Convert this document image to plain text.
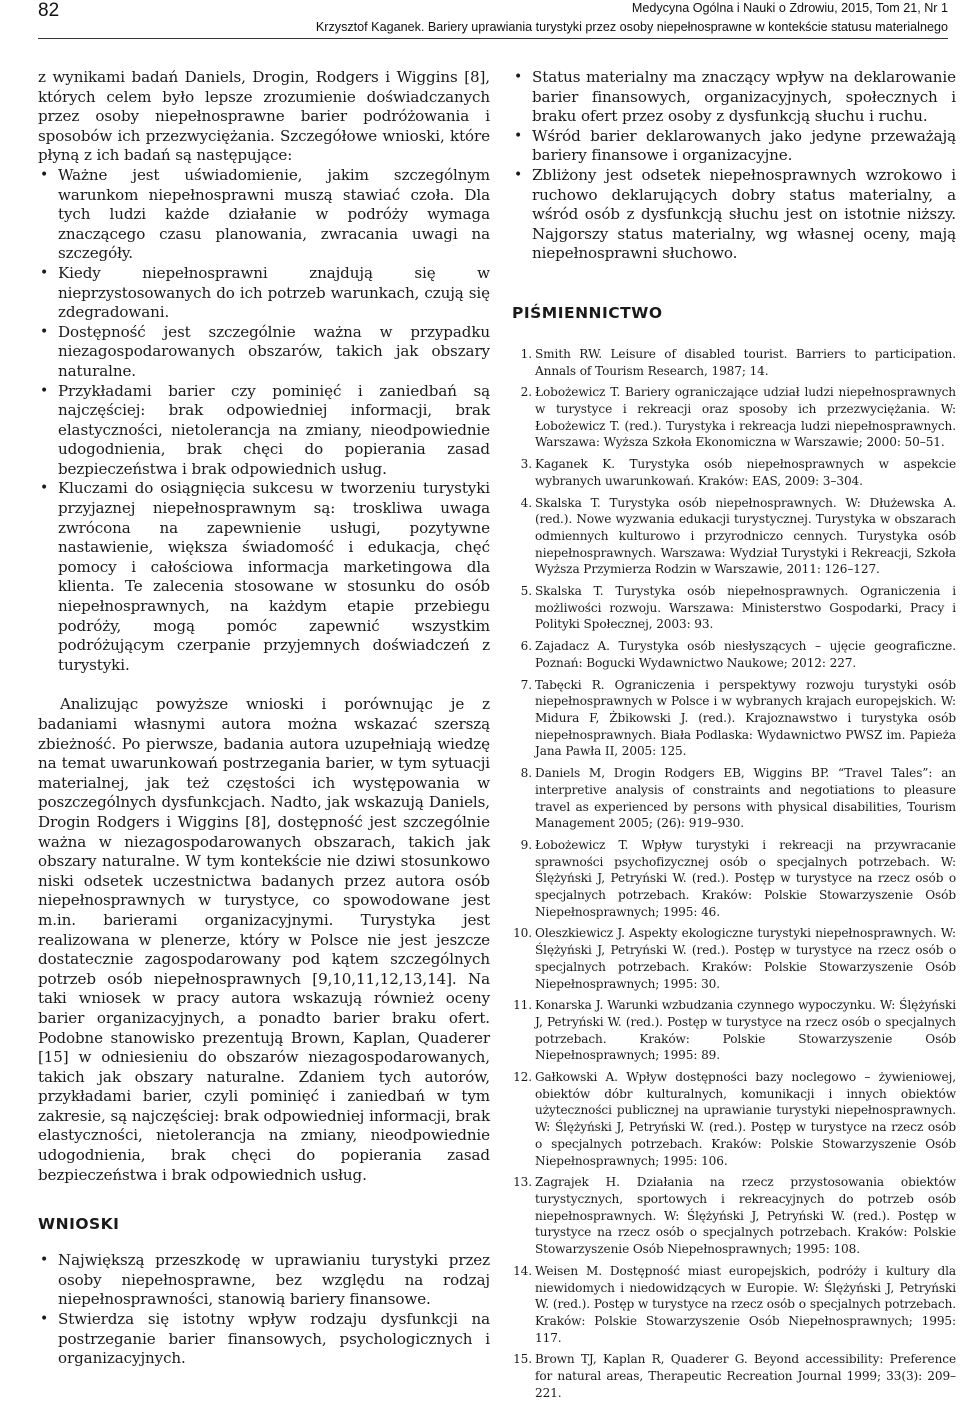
82	Medycyna Ogólna i Nauki o Zdrowiu, 2015, Tom 21, Nr 1
Krzysztof Kaganek. Bariery uprawiania turystyki przez osoby niepełnosprawne w kontekście statusu materialnego

z wynikami badań Daniels, Drogin, Rodgers i Wiggins [8], których celem było lepsze zrozumienie doświadczanych przez osoby niepełnosprawne barier podróżowania i sposobów ich przezwyciężania. Szczegółowe wnioski, które płyną z ich badań są następujące:

• Ważne jest uświadomienie, jakim szczególnym warunkom niepełnosprawni muszą stawiać czoła. Dla tych ludzi każde działanie w podróży wymaga znaczącego czasu planowania, zwracania uwagi na szczegóły.
• Kiedy niepełnosprawni znajdują się w nieprzystosowanych do ich potrzeb warunkach, czują się zdegradowani.
• Dostępność jest szczególnie ważna w przypadku niezagospodarowanych obszarów, takich jak obszary naturalne.
• Przykładami barier czy pominięć i zaniedbań są najczęściej: brak odpowiedniej informacji, brak elastyczności, nietolerancja na zmiany, nieodpowiednie udogodnienia, brak chęci do popierania zasad bezpieczeństwa i brak odpowiednich usług.
• Kluczami do osiągnięcia sukcesu w tworzeniu turystyki przyjaznej niepełnosprawnym są: troskliwa uwaga zwrócona na zapewnienie usługi, pozytywne nastawienie, większa świadomość i edukacja, chęć pomocy i całościowa informacja marketingowa dla klienta. Te zalecenia stosowane w stosunku do osób niepełnosprawnych, na każdym etapie przebiegu podróży, mogą pomóc zapewnić wszystkim podróżującym czerpanie przyjemnych doświadczeń z turystyki.

Analizując powyższe wnioski i porównując je z badaniami własnymi autora można wskazać szerszą zbieżność. Po pierwsze, badania autora uzupełniają wiedzę na temat uwarunkowań postrzegania barier, w tym sytuacji materialnej, jak też częstości ich występowania w poszczególnych dysfunkcjach. Nadto, jak wskazują Daniels, Drogin Rodgers i Wiggins [8], dostępność jest szczególnie ważna w niezagospodarowanych obszarach, takich jak obszary naturalne. W tym kontekście nie dziwi stosunkowo niski odsetek uczestnictwa badanych przez autora osób niepełnosprawnych w turystyce, co spowodowane jest m.in. barierami organizacyjnymi. Turystyka jest realizowana w plenerze, który w Polsce nie jest jeszcze dostatecznie zagospodarowany pod kątem szczególnych potrzeb osób niepełnosprawnych [9,10,11,12,13,14]. Na taki wniosek w pracy autora wskazują również oceny barier organizacyjnych, a ponadto barier braku ofert. Podobne stanowisko prezentują Brown, Kaplan, Quaderer [15] w odniesieniu do obszarów niezagospodarowanych, takich jak obszary naturalne. Zdaniem tych autorów, przykładami barier, czyli pominięć i zaniedbań w tym zakresie, są najczęściej: brak odpowiedniej informacji, brak elastyczności, nietolerancja na zmiany, nieodpowiednie udogodnienia, brak chęci do popierania zasad bezpieczeństwa i brak odpowiednich usług.

WNIOSKI
• Największą przeszkodę w uprawianiu turystyki przez osoby niepełnosprawne, bez względu na rodzaj niepełnosprawności, stanowią bariery finansowe.
• Stwierdza się istotny wpływ rodzaju dysfunkcji na postrzeganie barier finansowych, psychologicznych i organizacyjnych.
• Status materialny ma znaczący wpływ na deklarowanie barier finansowych, organizacyjnych, społecznych i braku ofert przez osoby z dysfunkcją słuchu i ruchu.
• Wśród barier deklarowanych jako jedyne przeważają bariery finansowe i organizacyjne.
• Zbliżony jest odsetek niepełnosprawnych wzrokowo i ruchowo deklarujących dobry status materialny, a wśród osób z dysfunkcją słuchu jest on istotnie niższy. Najgorszy status materialny, wg własnej oceny, mają niepełnosprawni słuchowo.
PIŚMIENNICTWO
1. Smith RW. Leisure of disabled tourist. Barriers to participation. Annals of Tourism Research, 1987; 14.
2. Łobożewicz T. Bariery ograniczające udział ludzi niepełnosprawnych w turystyce i rekreacji oraz sposoby ich przezwyciężania. W: Łobożewicz T. (red.). Turystyka i rekreacja ludzi niepełnosprawnych. Warszawa: Wyższa Szkoła Ekonomiczna w Warszawie; 2000: 50–51.
3. Kaganek K. Turystyka osób niepełnosprawnych w aspekcie wybranych uwarunkowań. Kraków: EAS, 2009: 3–304.
4. Skalska T. Turystyka osób niepełnosprawnych. W: Dłużewska A. (red.). Nowe wyzwania edukacji turystycznej. Turystyka w obszarach odmiennych kulturowo i przyrodniczo cennych. Turystyka osób niepełnosprawnych. Warszawa: Wydział Turystyki i Rekreacji, Szkoła Wyższa Przymierza Rodzin w Warszawie, 2011: 126–127.
5. Skalska T. Turystyka osób niepełnosprawnych. Ograniczenia i możliwości rozwoju. Warszawa: Ministerstwo Gospodarki, Pracy i Polityki Społecznej, 2003: 93.
6. Zajadacz A. Turystyka osób niesłyszących – ujęcie geograficzne. Poznań: Bogucki Wydawnictwo Naukowe; 2012: 227.
7. Tabęcki R. Ograniczenia i perspektywy rozwoju turystyki osób niepełnosprawnych w Polsce i w wybranych krajach europejskich. W: Midura F, Żbikowski J. (red.). Krajoznawstwo i turystyka osób niepełnosprawnych. Biała Podlaska: Wydawnictwo PWSZ im. Papieża Jana Pawła II, 2005: 125.
8. Daniels M, Drogin Rodgers EB, Wiggins BP. “Travel Tales”: an interpretive analysis of constraints and negotiations to pleasure travel as experienced by persons with physical disabilities, Tourism Management 2005; (26): 919–930.
9. Łobożewicz T. Wpływ turystyki i rekreacji na przywracanie sprawności psychofizycznej osób o specjalnych potrzebach. W: Ślężyński J, Petryński W. (red.). Postęp w turystyce na rzecz osób o specjalnych potrzebach. Kraków: Polskie Stowarzyszenie Osób Niepełnosprawnych; 1995: 46.
10. Oleszkiewicz J. Aspekty ekologiczne turystyki niepełnosprawnych. W: Ślężyński J, Petryński W. (red.). Postęp w turystyce na rzecz osób o specjalnych potrzebach. Kraków: Polskie Stowarzyszenie Osób Niepełnosprawnych; 1995: 30.
11. Konarska J. Warunki wzbudzania czynnego wypoczynku. W: Ślężyński J, Petryński W. (red.). Postęp w turystyce na rzecz osób o specjalnych potrzebach. Kraków: Polskie Stowarzyszenie Osób Niepełnosprawnych; 1995: 89.
12. Gałkowski A. Wpływ dostępności bazy noclegowo – żywieniowej, obiektów dóbr kulturalnych, komunikacji i innych obiektów użyteczności publicznej na uprawianie turystyki niepełnosprawnych. W: Ślężyński J, Petryński W. (red.). Postęp w turystyce na rzecz osób o specjalnych potrzebach. Kraków: Polskie Stowarzyszenie Osób Niepełnosprawnych; 1995: 106.
13. Zagrajek H. Działania na rzecz przystosowania obiektów turystycznych, sportowych i rekreacyjnych do potrzeb osób niepełnosprawnych. W: Ślężyński J, Petryński W. (red.). Postęp w turystyce na rzecz osób o specjalnych potrzebach. Kraków: Polskie Stowarzyszenie Osób Niepełnosprawnych; 1995: 108.
14. Weisen M. Dostępność miast europejskich, podróży i kultury dla niewidomych i niedowidzących w Europie. W: Ślężyński J, Petryński W. (red.). Postęp w turystyce na rzecz osób o specjalnych potrzebach. Kraków: Polskie Stowarzyszenie Osób Niepełnosprawnych; 1995: 117.
15. Brown TJ, Kaplan R, Quaderer G. Beyond accessibility: Preference for natural areas, Therapeutic Recreation Journal 1999; 33(3): 209–221.
